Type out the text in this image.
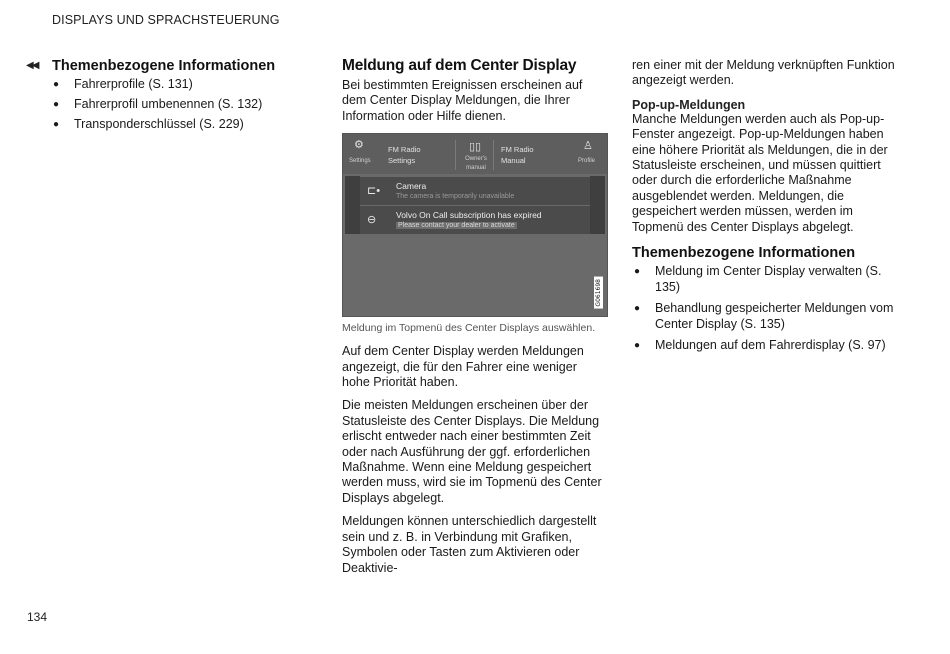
DISPLAYS UND SPRACHSTEUERUNG
◀◀ Themenbezogene Informationen
● Fahrerprofile (S. 131)
● Fahrerprofil umbenennen (S. 132)
● Transponderschlüssel (S. 229)
Meldung auf dem Center Display

Bei bestimmten Ereignissen erscheinen auf dem Center Display Meldungen, die Ihrer Information oder Hilfe dienen.

⚙
Settings
FM Radio
Settings
▯▯
Owner's manual
FM Radio
Manual
♙
Profile
⊏• Camera
The camera is temporarily unavailable
⊖ Volvo On Call subscription has expired
Please contact your dealer to activate
G061698
Meldung im Topmenü des Center Displays auswählen.

Auf dem Center Display werden Meldungen angezeigt, die für den Fahrer eine weniger hohe Priorität haben.

Die meisten Meldungen erscheinen über der Statusleiste des Center Displays. Die Meldung erlischt entweder nach einer bestimmten Zeit oder nach Ausführung der ggf. erforderlichen Maßnahme. Wenn eine Meldung gespeichert werden muss, wird sie im Topmenü des Center Displays abgelegt.

Meldungen können unterschiedlich dargestellt sein und z. B. in Verbindung mit Grafiken, Symbolen oder Tasten zum Aktivieren oder Deaktivie-

ren einer mit der Meldung verknüpften Funktion angezeigt werden.

Pop-up-Meldungen

Manche Meldungen werden auch als Pop-up-Fenster angezeigt. Pop-up-Meldungen haben eine höhere Priorität als Meldungen, die in der Statusleiste erscheinen, und müssen quittiert oder durch die erforderliche Maßnahme ausgeblendet werden. Meldungen, die gespeichert werden müssen, werden im Topmenü des Center Displays abgelegt.

Themenbezogene Informationen
● Meldung im Center Display verwalten (S. 135)
● Behandlung gespeicherter Meldungen vom Center Display (S. 135)
● Meldungen auf dem Fahrerdisplay (S. 97)
134
